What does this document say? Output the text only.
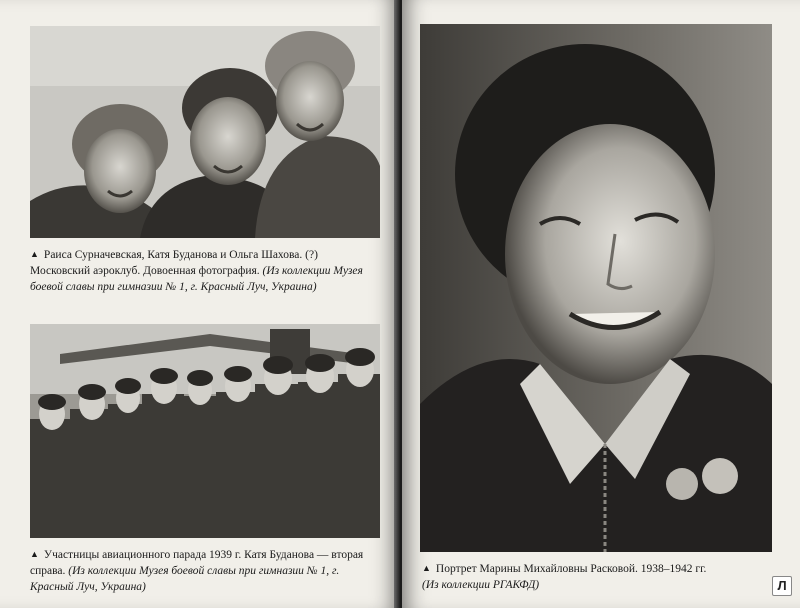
▲ Раиса Сурначевская, Катя Буданова и Ольга Шахова. (?) Московский аэроклуб. Довоенная фотография. (Из коллекции Музея боевой славы при гимназии № 1, г. Красный Луч, Украина)

▲ Участницы авиационного парада 1939 г. Катя Буданова — вторая справа. (Из коллекции Музея боевой славы при гимназии № 1, г. Красный Луч, Украина)

▲ Портрет Марины Михайловны Расковой. 1938–1942 гг.
(Из коллекции РГАКФД)	Л
